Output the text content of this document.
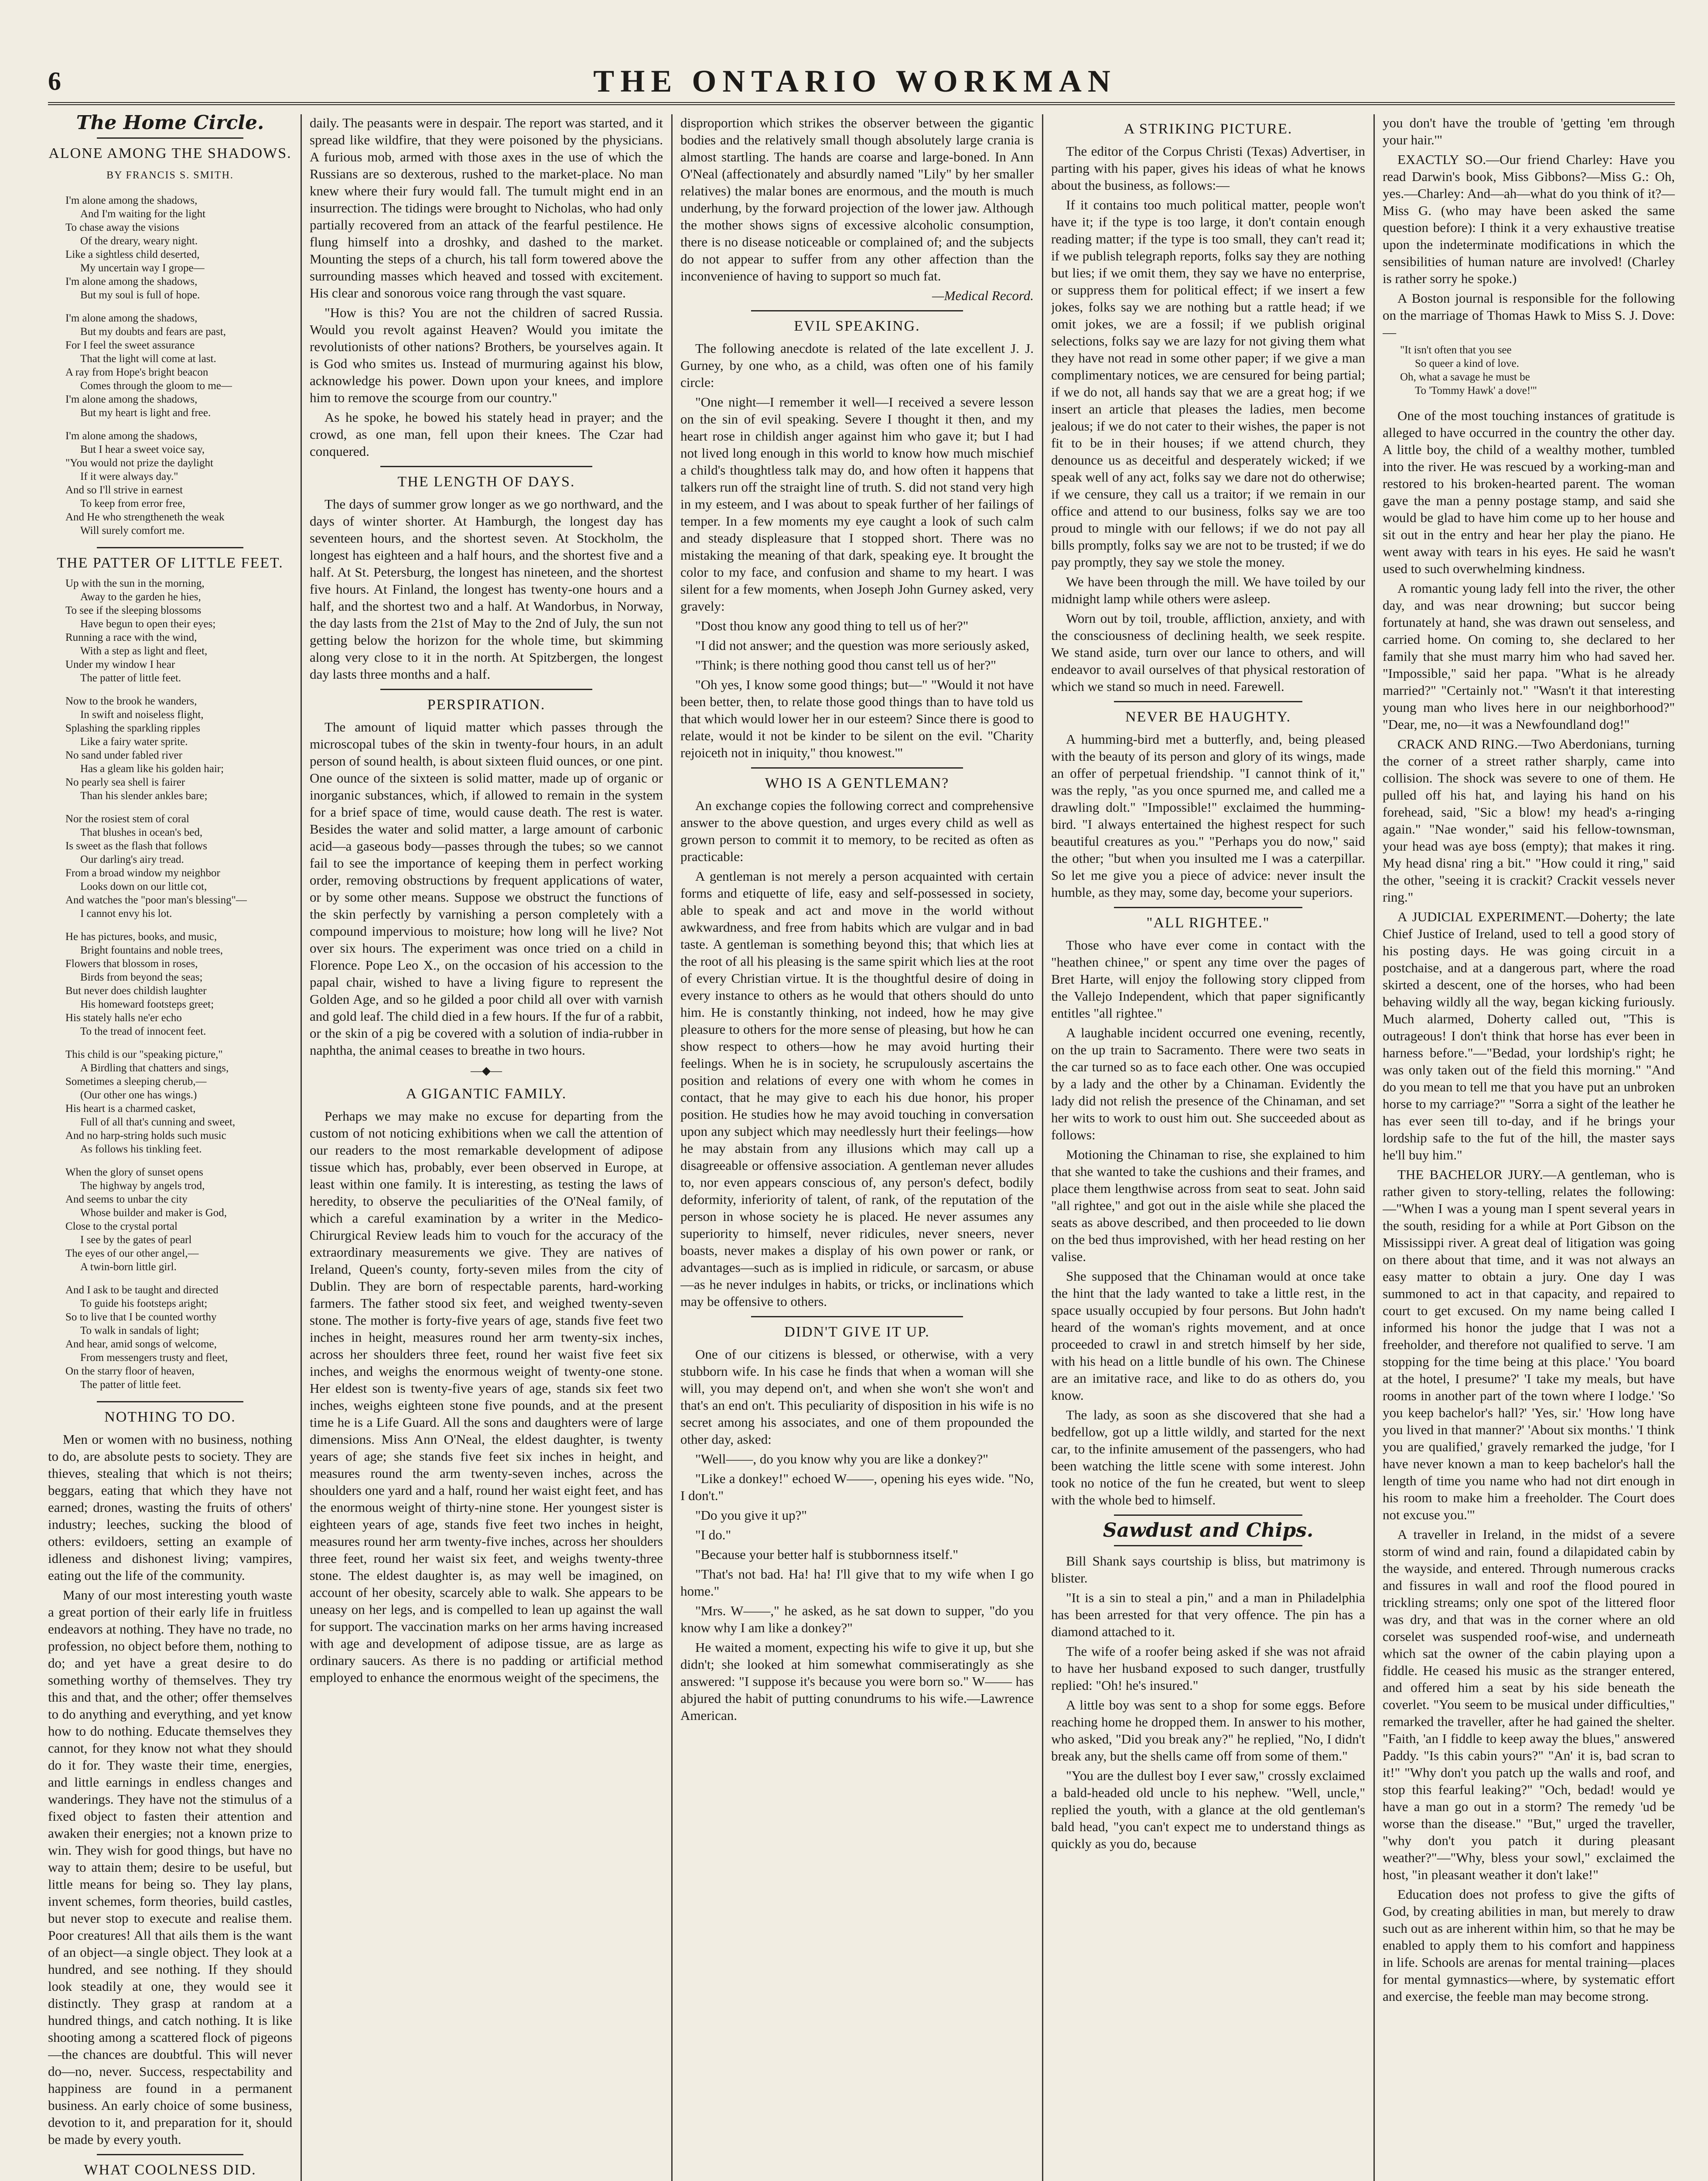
6	THE ONTARIO WORKMAN
The Home Circle.
ALONE AMONG THE SHADOWS.
BY FRANCIS S. SMITH.

I'm alone among the shadows,

And I'm waiting for the light

To chase away the visions

Of the dreary, weary night.

Like a sightless child deserted,

My uncertain way I grope—

I'm alone among the shadows,

But my soul is full of hope.

I'm alone among the shadows,

But my doubts and fears are past,

For I feel the sweet assurance

That the light will come at last.

A ray from Hope's bright beacon

Comes through the gloom to me—

I'm alone among the shadows,

But my heart is light and free.

I'm alone among the shadows,

But I hear a sweet voice say,

"You would not prize the daylight

If it were always day."

And so I'll strive in earnest

To keep from error free,

And He who strengtheneth the weak

Will surely comfort me.

THE PATTER OF LITTLE FEET.

Up with the sun in the morning,

Away to the garden he hies,

To see if the sleeping blossoms

Have begun to open their eyes;

Running a race with the wind,

With a step as light and fleet,

Under my window I hear

The patter of little feet.

Now to the brook he wanders,

In swift and noiseless flight,

Splashing the sparkling ripples

Like a fairy water sprite.

No sand under fabled river

Has a gleam like his golden hair;

No pearly sea shell is fairer

Than his slender ankles bare;

Nor the rosiest stem of coral

That blushes in ocean's bed,

Is sweet as the flash that follows

Our darling's airy tread.

From a broad window my neighbor

Looks down on our little cot,

And watches the "poor man's blessing"—

I cannot envy his lot.

He has pictures, books, and music,

Bright fountains and noble trees,

Flowers that blossom in roses,

Birds from beyond the seas;

But never does childish laughter

His homeward footsteps greet;

His stately halls ne'er echo

To the tread of innocent feet.

This child is our "speaking picture,"

A Birdling that chatters and sings,

Sometimes a sleeping cherub,—

(Our other one has wings.)

His heart is a charmed casket,

Full of all that's cunning and sweet,

And no harp-string holds such music

As follows his tinkling feet.

When the glory of sunset opens

The highway by angels trod,

And seems to unbar the city

Whose builder and maker is God,

Close to the crystal portal

I see by the gates of pearl

The eyes of our other angel,—

A twin-born little girl.

And I ask to be taught and directed

To guide his footsteps aright;

So to live that I be counted worthy

To walk in sandals of light;

And hear, amid songs of welcome,

From messengers trusty and fleet,

On the starry floor of heaven,

The patter of little feet.

NOTHING TO DO.

Men or women with no business, nothing to do, are absolute pests to society. They are thieves, stealing that which is not theirs; beggars, eating that which they have not earned; drones, wasting the fruits of others' industry; leeches, sucking the blood of others: evildoers, setting an example of idleness and dishonest living; vampires, eating out the life of the community.

Many of our most interesting youth waste a great portion of their early life in fruitless endeavors at nothing. They have no trade, no profession, no object before them, nothing to do; and yet have a great desire to do something worthy of themselves. They try this and that, and the other; offer themselves to do anything and everything, and yet know how to do nothing. Educate themselves they cannot, for they know not what they should do it for. They waste their time, energies, and little earnings in endless changes and wanderings. They have not the stimulus of a fixed object to fasten their attention and awaken their energies; not a known prize to win. They wish for good things, but have no way to attain them; desire to be useful, but little means for being so. They lay plans, invent schemes, form theories, build castles, but never stop to execute and realise them. Poor creatures! All that ails them is the want of an object—a single object. They look at a hundred, and see nothing. If they should look steadily at one, they would see it distinctly. They grasp at random at a hundred things, and catch nothing. It is like shooting among a scattered flock of pigeons—the chances are doubtful. This will never do—no, never. Success, respectability and happiness are found in a permanent business. An early choice of some business, devotion to it, and preparation for it, should be made by every youth.

WHAT COOLNESS DID.

daily. The peasants were in despair. The report was started, and it spread like wildfire, that they were poisoned by the physicians. A furious mob, armed with those axes in the use of which the Russians are so dexterous, rushed to the market-place. No man knew where their fury would fall. The tumult might end in an insurrection. The tidings were brought to Nicholas, who had only partially recovered from an attack of the fearful pestilence. He flung himself into a droshky, and dashed to the market. Mounting the steps of a church, his tall form towered above the surrounding masses which heaved and tossed with excitement. His clear and sonorous voice rang through the vast square.

"How is this? You are not the children of sacred Russia. Would you revolt against Heaven? Would you imitate the revolutionists of other nations? Brothers, be yourselves again. It is God who smites us. Instead of murmuring against his blow, acknowledge his power. Down upon your knees, and implore him to remove the scourge from our country."

As he spoke, he bowed his stately head in prayer; and the crowd, as one man, fell upon their knees. The Czar had conquered.

THE LENGTH OF DAYS.

The days of summer grow longer as we go northward, and the days of winter shorter. At Hamburgh, the longest day has seventeen hours, and the shortest seven. At Stockholm, the longest has eighteen and a half hours, and the shortest five and a half. At St. Petersburg, the longest has nineteen, and the shortest five hours. At Finland, the longest has twenty-one hours and a half, and the shortest two and a half. At Wandorbus, in Norway, the day lasts from the 21st of May to the 2nd of July, the sun not getting below the horizon for the whole time, but skimming along very close to it in the north. At Spitzbergen, the longest day lasts three months and a half.

PERSPIRATION.

The amount of liquid matter which passes through the microscopal tubes of the skin in twenty-four hours, in an adult person of sound health, is about sixteen fluid ounces, or one pint. One ounce of the sixteen is solid matter, made up of organic or inorganic substances, which, if allowed to remain in the system for a brief space of time, would cause death. The rest is water. Besides the water and solid matter, a large amount of carbonic acid—a gaseous body—passes through the tubes; so we cannot fail to see the importance of keeping them in perfect working order, removing obstructions by frequent applications of water, or by some other means. Suppose we obstruct the functions of the skin perfectly by varnishing a person completely with a compound impervious to moisture; how long will he live? Not over six hours. The experiment was once tried on a child in Florence. Pope Leo X., on the occasion of his accession to the papal chair, wished to have a living figure to represent the Golden Age, and so he gilded a poor child all over with varnish and gold leaf. The child died in a few hours. If the fur of a rabbit, or the skin of a pig be covered with a solution of india-rubber in naphtha, the animal ceases to breathe in two hours.

—◆—
A GIGANTIC FAMILY.

Perhaps we may make no excuse for departing from the custom of not noticing exhibitions when we call the attention of our readers to the most remarkable development of adipose tissue which has, probably, ever been observed in Europe, at least within one family. It is interesting, as testing the laws of heredity, to observe the peculiarities of the O'Neal family, of which a careful examination by a writer in the Medico-Chirurgical Review leads him to vouch for the accuracy of the extraordinary measurements we give. They are natives of Ireland, Queen's county, forty-seven miles from the city of Dublin. They are born of respectable parents, hard-working farmers. The father stood six feet, and weighed twenty-seven stone. The mother is forty-five years of age, stands five feet two inches in height, measures round her arm twenty-six inches, across her shoulders three feet, round her waist five feet six inches, and weighs the enormous weight of twenty-one stone. Her eldest son is twenty-five years of age, stands six feet two inches, weighs eighteen stone five pounds, and at the present time he is a Life Guard. All the sons and daughters were of large dimensions. Miss Ann O'Neal, the eldest daughter, is twenty years of age; she stands five feet six inches in height, and measures round the arm twenty-seven inches, across the shoulders one yard and a half, round her waist eight feet, and has the enormous weight of thirty-nine stone. Her youngest sister is eighteen years of age, stands five feet two inches in height, measures round her arm twenty-five inches, across her shoulders three feet, round her waist six feet, and weighs twenty-three stone. The eldest daughter is, as may well be imagined, on account of her obesity, scarcely able to walk. She appears to be uneasy on her legs, and is compelled to lean up against the wall for support. The vaccination marks on her arms having increased with age and development of adipose tissue, are as large as ordinary saucers. As there is no padding or artificial method employed to enhance the enormous weight of the specimens, the

disproportion which strikes the observer between the gigantic bodies and the relatively small though absolutely large crania is almost startling. The hands are coarse and large-boned. In Ann O'Neal (affectionately and absurdly named "Lily" by her smaller relatives) the malar bones are enormous, and the mouth is much underhung, by the forward projection of the lower jaw. Although the mother shows signs of excessive alcoholic consumption, there is no disease noticeable or complained of; and the subjects do not appear to suffer from any other affection than the inconvenience of having to support so much fat.

—Medical Record.
EVIL SPEAKING.

The following anecdote is related of the late excellent J. J. Gurney, by one who, as a child, was often one of his family circle:

"One night—I remember it well—I received a severe lesson on the sin of evil speaking. Severe I thought it then, and my heart rose in childish anger against him who gave it; but I had not lived long enough in this world to know how much mischief a child's thoughtless talk may do, and how often it happens that talkers run off the straight line of truth. S. did not stand very high in my esteem, and I was about to speak further of her failings of temper. In a few moments my eye caught a look of such calm and steady displeasure that I stopped short. There was no mistaking the meaning of that dark, speaking eye. It brought the color to my face, and confusion and shame to my heart. I was silent for a few moments, when Joseph John Gurney asked, very gravely:

"Dost thou know any good thing to tell us of her?"

"I did not answer; and the question was more seriously asked,

"Think; is there nothing good thou canst tell us of her?"

"Oh yes, I know some good things; but—" "Would it not have been better, then, to relate those good things than to have told us that which would lower her in our esteem? Since there is good to relate, would it not be kinder to be silent on the evil. "Charity rejoiceth not in iniquity," thou knowest.'"

WHO IS A GENTLEMAN?

An exchange copies the following correct and comprehensive answer to the above question, and urges every child as well as grown person to commit it to memory, to be recited as often as practicable:

A gentleman is not merely a person acquainted with certain forms and etiquette of life, easy and self-possessed in society, able to speak and act and move in the world without awkwardness, and free from habits which are vulgar and in bad taste. A gentleman is something beyond this; that which lies at the root of all his pleasing is the same spirit which lies at the root of every Christian virtue. It is the thoughtful desire of doing in every instance to others as he would that others should do unto him. He is constantly thinking, not indeed, how he may give pleasure to others for the more sense of pleasing, but how he can show respect to others—how he may avoid hurting their feelings. When he is in society, he scrupulously ascertains the position and relations of every one with whom he comes in contact, that he may give to each his due honor, his proper position. He studies how he may avoid touching in conversation upon any subject which may needlessly hurt their feelings—how he may abstain from any illusions which may call up a disagreeable or offensive association. A gentleman never alludes to, nor even appears conscious of, any person's defect, bodily deformity, inferiority of talent, of rank, of the reputation of the person in whose society he is placed. He never assumes any superiority to himself, never ridicules, never sneers, never boasts, never makes a display of his own power or rank, or advantages—such as is implied in ridicule, or sarcasm, or abuse—as he never indulges in habits, or tricks, or inclinations which may be offensive to others.

DIDN'T GIVE IT UP.

One of our citizens is blessed, or otherwise, with a very stubborn wife. In his case he finds that when a woman will she will, you may depend on't, and when she won't she won't and that's an end on't. This peculiarity of disposition in his wife is no secret among his associates, and one of them propounded the other day, asked:

"Well——, do you know why you are like a donkey?"

"Like a donkey!" echoed W——, opening his eyes wide. "No, I don't."

"Do you give it up?"

"I do."

"Because your better half is stubbornness itself."

"That's not bad. Ha! ha! I'll give that to my wife when I go home."

"Mrs. W——," he asked, as he sat down to supper, "do you know why I am like a donkey?"

He waited a moment, expecting his wife to give it up, but she didn't; she looked at him somewhat commiseratingly as she answered: "I suppose it's because you were born so." W—— has abjured the habit of putting conundrums to his wife.—Lawrence American.

A STRIKING PICTURE.

The editor of the Corpus Christi (Texas) Advertiser, in parting with his paper, gives his ideas of what he knows about the business, as follows:—

If it contains too much political matter, people won't have it; if the type is too large, it don't contain enough reading matter; if the type is too small, they can't read it; if we publish telegraph reports, folks say they are nothing but lies; if we omit them, they say we have no enterprise, or suppress them for political effect; if we insert a few jokes, folks say we are nothing but a rattle head; if we omit jokes, we are a fossil; if we publish original selections, folks say we are lazy for not giving them what they have not read in some other paper; if we give a man complimentary notices, we are censured for being partial; if we do not, all hands say that we are a great hog; if we insert an article that pleases the ladies, men become jealous; if we do not cater to their wishes, the paper is not fit to be in their houses; if we attend church, they denounce us as deceitful and desperately wicked; if we speak well of any act, folks say we dare not do otherwise; if we censure, they call us a traitor; if we remain in our office and attend to our business, folks say we are too proud to mingle with our fellows; if we do not pay all bills promptly, folks say we are not to be trusted; if we do pay promptly, they say we stole the money.

We have been through the mill. We have toiled by our midnight lamp while others were asleep.

Worn out by toil, trouble, affliction, anxiety, and with the consciousness of declining health, we seek respite. We stand aside, turn over our lance to others, and will endeavor to avail ourselves of that physical restoration of which we stand so much in need. Farewell.

NEVER BE HAUGHTY.

A humming-bird met a butterfly, and, being pleased with the beauty of its person and glory of its wings, made an offer of perpetual friendship. "I cannot think of it," was the reply, "as you once spurned me, and called me a drawling dolt." "Impossible!" exclaimed the humming-bird. "I always entertained the highest respect for such beautiful creatures as you." "Perhaps you do now," said the other; "but when you insulted me I was a caterpillar. So let me give you a piece of advice: never insult the humble, as they may, some day, become your superiors.

"ALL RIGHTEE."

Those who have ever come in contact with the "heathen chinee," or spent any time over the pages of Bret Harte, will enjoy the following story clipped from the Vallejo Independent, which that paper significantly entitles "all rightee."

A laughable incident occurred one evening, recently, on the up train to Sacramento. There were two seats in the car turned so as to face each other. One was occupied by a lady and the other by a Chinaman. Evidently the lady did not relish the presence of the Chinaman, and set her wits to work to oust him out. She succeeded about as follows:

Motioning the Chinaman to rise, she explained to him that she wanted to take the cushions and their frames, and place them lengthwise across from seat to seat. John said "all rightee," and got out in the aisle while she placed the seats as above described, and then proceeded to lie down on the bed thus improvished, with her head resting on her valise.

She supposed that the Chinaman would at once take the hint that the lady wanted to take a little rest, in the space usually occupied by four persons. But John hadn't heard of the woman's rights movement, and at once proceeded to crawl in and stretch himself by her side, with his head on a little bundle of his own. The Chinese are an imitative race, and like to do as others do, you know.

The lady, as soon as she discovered that she had a bedfellow, got up a little wildly, and started for the next car, to the infinite amusement of the passengers, who had been watching the little scene with some interest. John took no notice of the fun he created, but went to sleep with the whole bed to himself.

Sawdust and Chips.

Bill Shank says courtship is bliss, but matrimony is blister.

"It is a sin to steal a pin," and a man in Philadelphia has been arrested for that very offence. The pin has a diamond attached to it.

The wife of a roofer being asked if she was not afraid to have her husband exposed to such danger, trustfully replied: "Oh! he's insured."

A little boy was sent to a shop for some eggs. Before reaching home he dropped them. In answer to his mother, who asked, "Did you break any?" he replied, "No, I didn't break any, but the shells came off from some of them."

"You are the dullest boy I ever saw," crossly exclaimed a bald-headed old uncle to his nephew. "Well, uncle," replied the youth, with a glance at the old gentleman's bald head, "you can't expect me to understand things as quickly as you do, because

you don't have the trouble of 'getting 'em through your hair.'"

EXACTLY SO.—Our friend Charley: Have you read Darwin's book, Miss Gibbons?—Miss G.: Oh, yes.—Charley: And—ah—what do you think of it?—Miss G. (who may have been asked the same question before): I think it a very exhaustive treatise upon the indeterminate modifications in which the sensibilities of human nature are involved! (Charley is rather sorry he spoke.)

A Boston journal is responsible for the following on the marriage of Thomas Hawk to Miss S. J. Dove:—

"It isn't often that you see

So queer a kind of love.

Oh, what a savage he must be

To 'Tommy Hawk' a dove!'"

One of the most touching instances of gratitude is alleged to have occurred in the country the other day. A little boy, the child of a wealthy mother, tumbled into the river. He was rescued by a working-man and restored to his broken-hearted parent. The woman gave the man a penny postage stamp, and said she would be glad to have him come up to her house and sit out in the entry and hear her play the piano. He went away with tears in his eyes. He said he wasn't used to such overwhelming kindness.

A romantic young lady fell into the river, the other day, and was near drowning; but succor being fortunately at hand, she was drawn out senseless, and carried home. On coming to, she declared to her family that she must marry him who had saved her. "Impossible," said her papa. "What is he already married?" "Certainly not." "Wasn't it that interesting young man who lives here in our neighborhood?" "Dear, me, no—it was a Newfoundland dog!"

CRACK AND RING.—Two Aberdonians, turning the corner of a street rather sharply, came into collision. The shock was severe to one of them. He pulled off his hat, and laying his hand on his forehead, said, "Sic a blow! my head's a-ringing again." "Nae wonder," said his fellow-townsman, your head was aye boss (empty); that makes it ring. My head disna' ring a bit." "How could it ring," said the other, "seeing it is crackit? Crackit vessels never ring."

A JUDICIAL EXPERIMENT.—Doherty; the late Chief Justice of Ireland, used to tell a good story of his posting days. He was going circuit in a postchaise, and at a dangerous part, where the road skirted a descent, one of the horses, who had been behaving wildly all the way, began kicking furiously. Much alarmed, Doherty called out, "This is outrageous! I don't think that horse has ever been in harness before."—"Bedad, your lordship's right; he was only taken out of the field this morning." "And do you mean to tell me that you have put an unbroken horse to my carriage?" "Sorra a sight of the leather he has ever seen till to-day, and if he brings your lordship safe to the fut of the hill, the master says he'll buy him."

THE BACHELOR JURY.—A gentleman, who is rather given to story-telling, relates the following:—"When I was a young man I spent several years in the south, residing for a while at Port Gibson on the Mississippi river. A great deal of litigation was going on there about that time, and it was not always an easy matter to obtain a jury. One day I was summoned to act in that capacity, and repaired to court to get excused. On my name being called I informed his honor the judge that I was not a freeholder, and therefore not qualified to serve. 'I am stopping for the time being at this place.' 'You board at the hotel, I presume?' 'I take my meals, but have rooms in another part of the town where I lodge.' 'So you keep bachelor's hall?' 'Yes, sir.' 'How long have you lived in that manner?' 'About six months.' 'I think you are qualified,' gravely remarked the judge, 'for I have never known a man to keep bachelor's hall the length of time you name who had not dirt enough in his room to make him a freeholder. The Court does not excuse you.'"

A traveller in Ireland, in the midst of a severe storm of wind and rain, found a dilapidated cabin by the wayside, and entered. Through numerous cracks and fissures in wall and roof the flood poured in trickling streams; only one spot of the littered floor was dry, and that was in the corner where an old corselet was suspended roof-wise, and underneath which sat the owner of the cabin playing upon a fiddle. He ceased his music as the stranger entered, and offered him a seat by his side beneath the coverlet. "You seem to be musical under difficulties," remarked the traveller, after he had gained the shelter. "Faith, 'an I fiddle to keep away the blues," answered Paddy. "Is this cabin yours?" "An' it is, bad scran to it!" "Why don't you patch up the walls and roof, and stop this fearful leaking?" "Och, bedad! would ye have a man go out in a storm? The remedy 'ud be worse than the disease." "But," urged the traveller, "why don't you patch it during pleasant weather?"—"Why, bless your sowl," exclaimed the host, "in pleasant weather it don't lake!"

Education does not profess to give the gifts of God, by creating abilities in man, but merely to draw such out as are inherent within him, so that he may be enabled to apply them to his comfort and happiness in life. Schools are arenas for mental training—places for mental gymnastics—where, by systematic effort and exercise, the feeble man may become strong.
